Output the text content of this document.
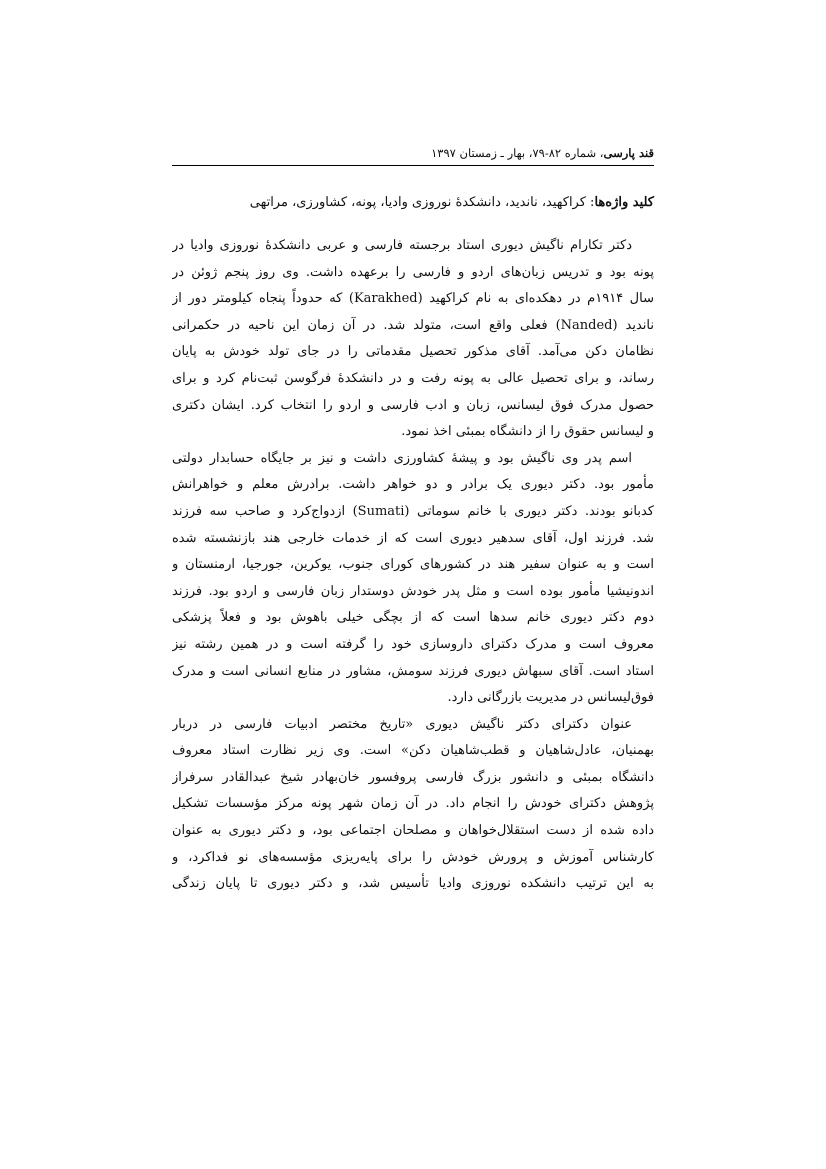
قند پارسی، شماره ۸۲-۷۹، بهار ـ زمستان ۱۳۹۷
کلید واژه‌ها: کراکهید، ناندید، دانشکدۀ نوروزی وادیا، پونه، کشاورزی، مراتهی
دکتر تکارام ناگیش دیوری استاد برجسته فارسی و عربی دانشکدۀ نوروزی وادیا در
پونه بود و تدریس زبان‌های اردو و فارسی را برعهده داشت. وی روز پنجم ژوئن در
سال ۱۹۱۴م در دهکده‌ای به نام کراکهید (Karakhed) که حدوداً پنجاه کیلومتر دور از
ناندید (Nanded) فعلی واقع است، متولد شد. در آن زمان این ناحیه در حکمرانی
نظامان دکن می‌آمد. آقای مذکور تحصیل مقدماتی را در جای تولد خودش به پایان
رساند، و برای تحصیل عالی به پونه رفت و در دانشکدۀ فرگوسن ثبت‌نام کرد و برای
حصول مدرک فوق لیسانس، زبان و ادب فارسی و اردو را انتخاب کرد. ایشان دکتری
و لیسانس حقوق را از دانشگاه بمبئی اخذ نمود.
اسم پدر وی ناگیش بود و پیشۀ کشاورزی داشت و نیز بر جایگاه حسابدار دولتی
مأمور بود. دکتر دیوری یک برادر و دو خواهر داشت. برادرش معلم و خواهرانش
کدبانو بودند. دکتر دیوری با خانم سوماتی (Sumati) ازدواج‌کرد و صاحب سه فرزند
شد. فرزند اول، آقای سدهیر دیوری است که از خدمات خارجی هند بازنشسته شده
است و به عنوان سفیر هند در کشورهای کورای جنوب، یوکرین، جورجیا، ارمنستان و
اندونیشیا مأمور بوده است و مثل پدر خودش دوستدار زبان فارسی و اردو بود. فرزند
دوم دکتر دیوری خانم سدها است که از بچگی خیلی باهوش بود و فعلاً پزشکی
معروف است و مدرک دکترای داروسازی خود را گرفته است و در همین رشته نیز
استاد است. آقای سبهاش دیوری فرزند سومش، مشاور در منابع انسانی است و مدرک
فوق‌لیسانس در مدیریت بازرگانی دارد.
عنوان دکترای دکتر ناگیش دیوری «تاریخ مختصر ادبیات فارسی در دربار
بهمنیان، عادل‌شاهیان و قطب‌شاهیان دکن» است. وی زیر نظارت استاد معروف
دانشگاه بمبئی و دانشور بزرگ فارسی پروفسور خان‌بهادر شیخ عبدالقادر سرفراز
پژوهش دکترای خودش را انجام داد. در آن زمان شهر پونه مرکز مؤسسات تشکیل
داده شده از دست استقلال‌خواهان و مصلحان اجتماعی بود، و دکتر دیوری به عنوان
کارشناس آموزش و پرورش خودش را برای پایه‌ریزی مؤسسه‌های نو فداکرد، و
به این ترتیب دانشکده نوروزی وادیا تأسیس شد، و دکتر دیوری تا پایان زندگی
